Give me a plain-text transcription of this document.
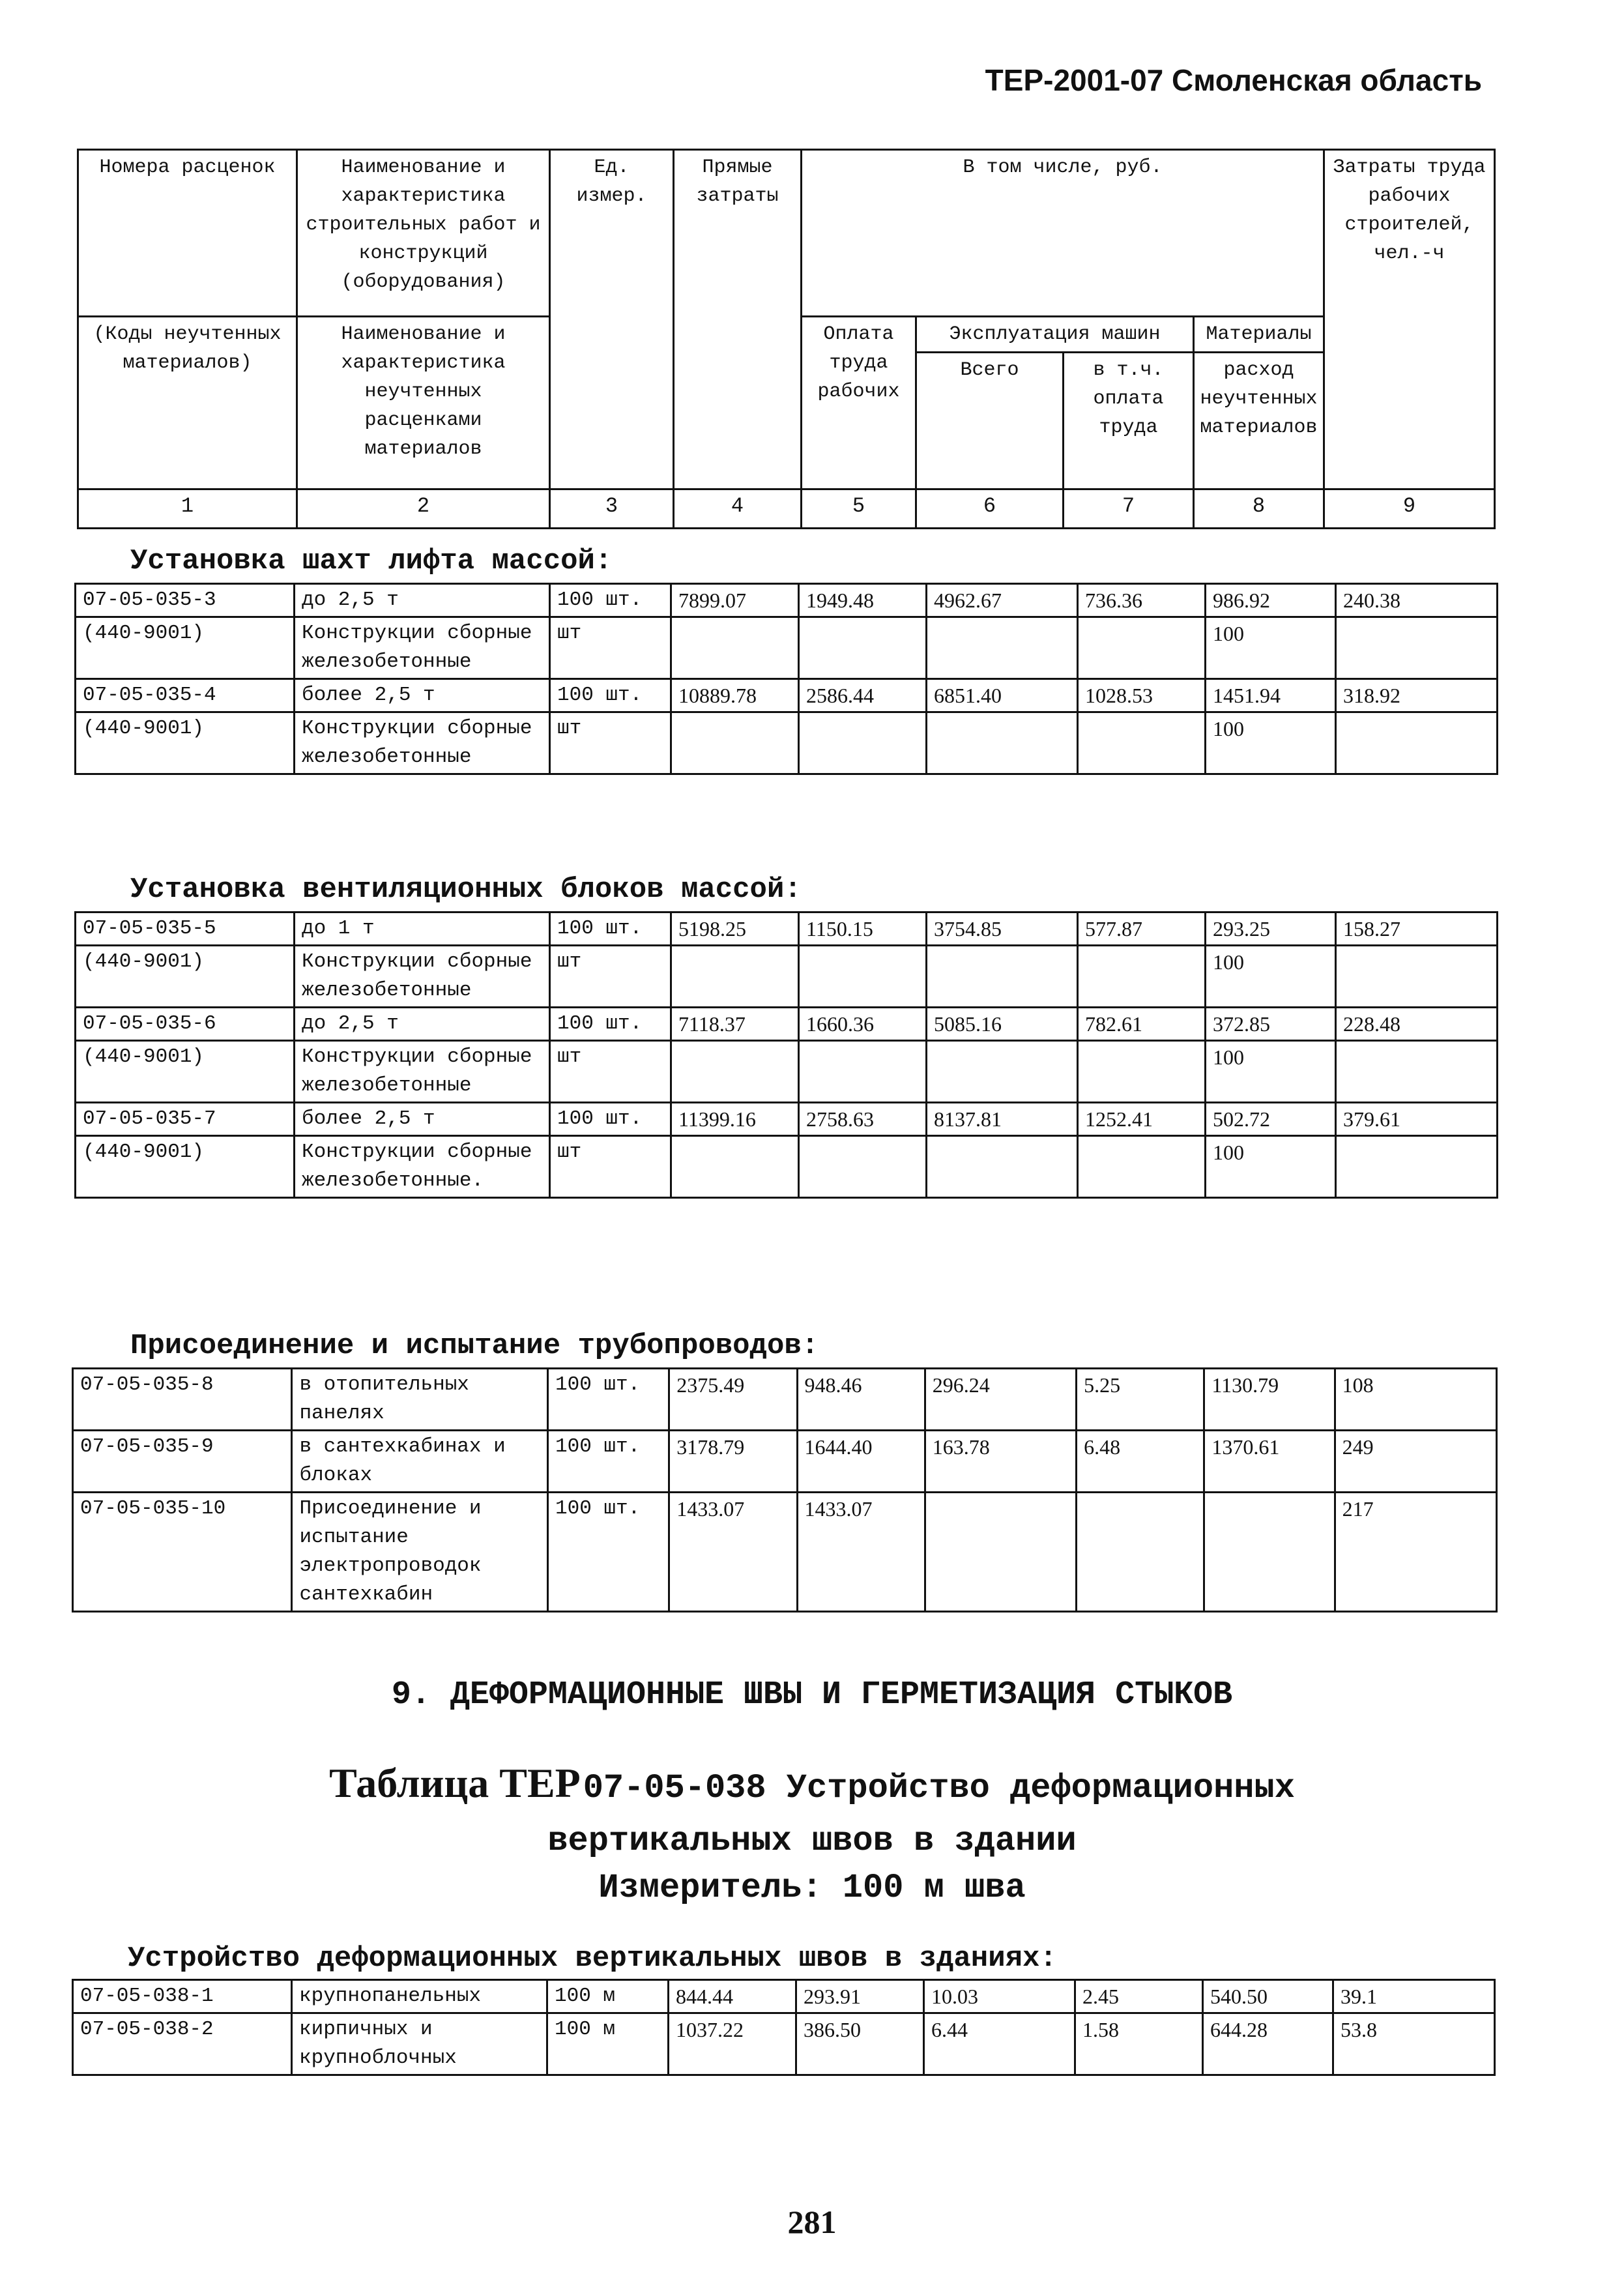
ТЕР-2001-07 Смоленская область
Номера расценок	Наименование и характеристика строительных работ и конструкций (оборудования)	Ед. измер.	Прямые затраты	В том числе, руб.				Затраты труда рабочих строителей, чел.-ч
(Коды неучтенных материалов)	Наименование и характеристика неучтенных расценками материалов			Оплата труда рабочих	Эксплуатация машин		Материалы	
					Всего	в т.ч. оплата труда	расход неучтенных материалов	
1	2	3	4	5	6	7	8	9
Установка шахт лифта массой:
07-05-035-3	до 2,5 т	100 шт.	7899.07	1949.48	4962.67	736.36	986.92	240.38
(440-9001)	Конструкции сборные железобетонные	шт					100	
07-05-035-4	более 2,5 т	100 шт.	10889.78	2586.44	6851.40	1028.53	1451.94	318.92
(440-9001)	Конструкции сборные железобетонные	шт					100	
Установка вентиляционных блоков массой:
07-05-035-5	до 1 т	100 шт.	5198.25	1150.15	3754.85	577.87	293.25	158.27
(440-9001)	Конструкции сборные железобетонные	шт					100	
07-05-035-6	до 2,5 т	100 шт.	7118.37	1660.36	5085.16	782.61	372.85	228.48
(440-9001)	Конструкции сборные железобетонные	шт					100	
07-05-035-7	более 2,5 т	100 шт.	11399.16	2758.63	8137.81	1252.41	502.72	379.61
(440-9001)	Конструкции сборные железобетонные.	шт					100	
Присоединение и испытание трубопроводов:
07-05-035-8	в отопительных панелях	100 шт.	2375.49	948.46	296.24	5.25	1130.79	108
07-05-035-9	в сантехкабинах и блоках	100 шт.	3178.79	1644.40	163.78	6.48	1370.61	249
07-05-035-10	Присоединение и испытание электропроводок сантехкабин	100 шт.	1433.07	1433.07				217
9. ДЕФОРМАЦИОННЫЕ ШВЫ И ГЕРМЕТИЗАЦИЯ СТЫКОВ
Таблица ТЕР 07-05-038 Устройство деформационных
вертикальных швов в здании
Измеритель: 100 м шва
Устройство деформационных вертикальных швов в зданиях:
07-05-038-1	крупнопанельных	100 м	844.44	293.91	10.03	2.45	540.50	39.1
07-05-038-2	кирпичных и крупноблочных	100 м	1037.22	386.50	6.44	1.58	644.28	53.8
281
